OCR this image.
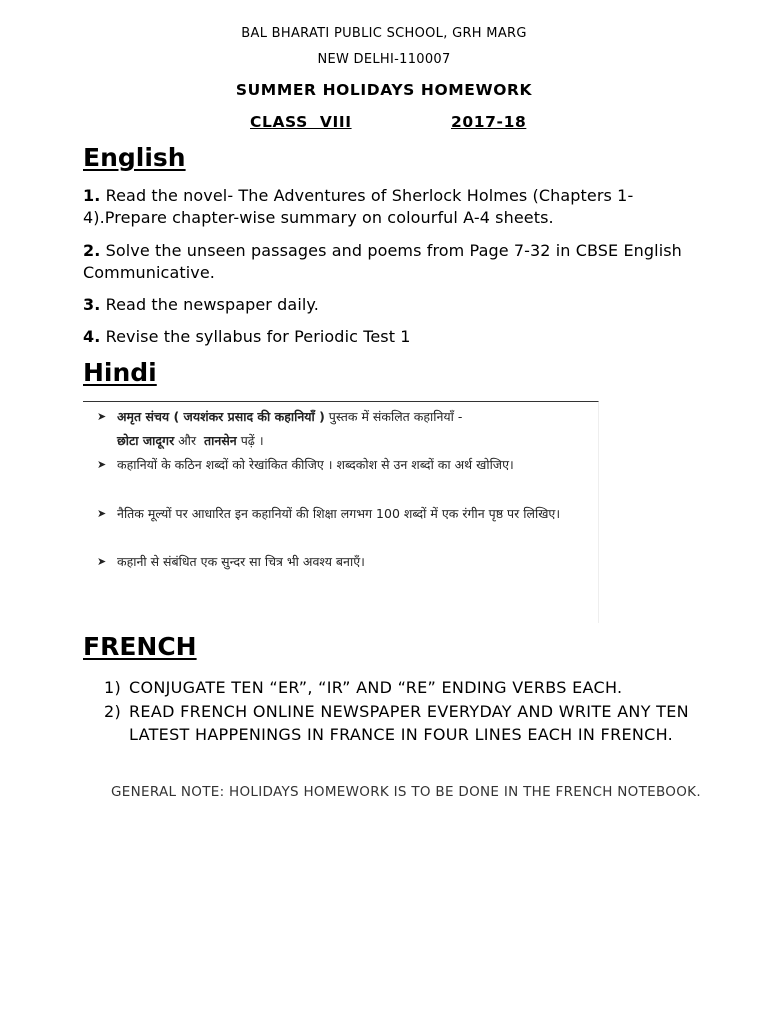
BAL BHARATI PUBLIC SCHOOL, GRH MARG
NEW DELHI-110007
SUMMER HOLIDAYS HOMEWORK
CLASS  VIII	2017-18
English
1. Read the novel- The Adventures of Sherlock Holmes (Chapters 1-4).Prepare chapter-wise summary on colourful A-4 sheets.
2. Solve the unseen passages and poems from Page 7-32 in CBSE English Communicative.
3. Read the newspaper daily.
4. Revise the syllabus for Periodic Test 1
Hindi
➤ अमृत संचय ( जयशंकर प्रसाद की कहानियाँ ) पुस्तक में संकलित कहानियाँ -
छोटा जादूगर और  तानसेन पढ़ें ।
➤ कहानियों के कठिन शब्दों को रेखांकित कीजिए । शब्दकोश से उन शब्दों का अर्थ खोजिए।
➤ नैतिक मूल्यों पर आधारित इन कहानियों की शिक्षा लगभग 100 शब्दों में एक रंगीन पृष्ठ पर लिखिए।
➤ कहानी से संबंधित एक सुन्दर सा चित्र भी अवश्य बनाएँ।
FRENCH
1) CONJUGATE TEN “ER”, “IR” AND “RE” ENDING VERBS EACH.
2) READ FRENCH ONLINE NEWSPAPER EVERYDAY AND WRITE ANY TEN LATEST HAPPENINGS IN FRANCE IN FOUR LINES EACH IN FRENCH.
GENERAL NOTE: HOLIDAYS HOMEWORK IS TO BE DONE IN THE FRENCH NOTEBOOK.
